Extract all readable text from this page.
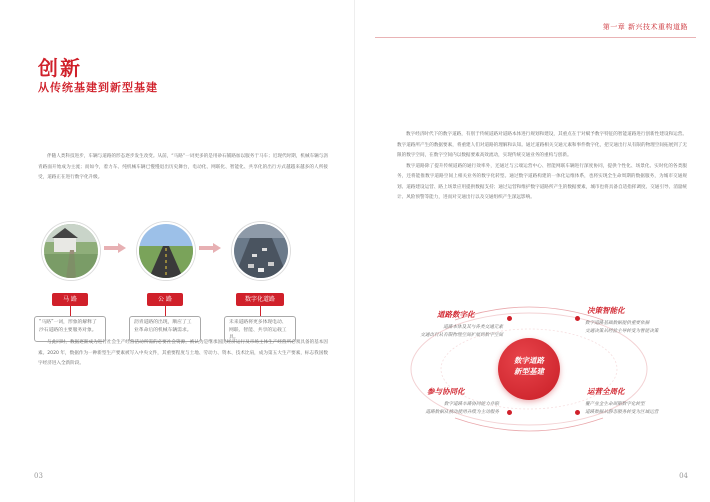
创新
从传统基建到新型基建

伴随人类科技进步，车辆与道路的形态逐步发生改变。从前，“马路”一词更多的是用砂石铺路加以服务于马车；近现代时期，机械车辆与沥青路面开始成为主流；而如今，着力车、纯机械车辆已慢慢退出历史舞台，电动化、网联化、智能化、共享化的出行方式越越来越多的人所接受，道路正在进行数字化升级。

马 路	公 路	数字化道路
“马路”一词，形象的解释了沙石道路的主要服务对象。
沥青道路的出现，顺应了工业革命后的机械车辆需求。
未来道路将更多体现电动、网联、智能、共享的运载工具。

与此同时，数据逐渐成为进行社会生产经营活动所需的必要社会资源，被认为是继承国民经济运行及市场主体生产经营所必须具备的基本因素。2020 年，数据作为一种新型生产要素被写入中央文件，其重要程度与土地、劳动力、资本、技术比肩，成为第五大生产要素，标志我国数字经济进入全新阶段。

03
第一章 新兴技术重构道路

数字经济时代下的数字道路，有别于传统道路对道路本体进行规划和建设，其重点在于对赋予数字特征的智能道路进行创新性建设和运营。数字道路所产生的数据要素，将重建人们对道路的理解和认知。通过道路相关交通元素和事件数字化，把交通出行从有限的物理空间拓展到了无限的数字空间，在数字空间内以数据要素高效流动，实现传统交通业务的重构与创新。
数字道路除了提升传统道路的通行效率外，还通过与云端运营中心、智能网联车辆进行深度协同，提供个性化、场景化、实时化的各类服务，还将能推数字道路空间上相关业务的数字化转型。通过数字道路构建的一体化运维体系，也将实现全生命周期的数据服务，为城市交通规划、道路建设运营、路上场景应用提供数据支持；通过运营和维护数字道路所产生的数据要素，城市也将具备自适指挥调度、交通引导、消量统计、风险预警等能力，进而对交通出行以及交通组织产生深远影响。

数字道路
新型基建
道路数字化
道路本体及其与各类交通元素
交通出行从有限物理空间扩展到数字空间
决策智能化
数字道路基础数据提供重要依据
交通决策从经验主导转变为智能决策
参与协同化
数字道路车路协同能力并联
道路数据从被动使用升级为主动服务
运营全周化
覆产业全生命周期数字化转型
道路数据从静态服务转变为区域运营
04
